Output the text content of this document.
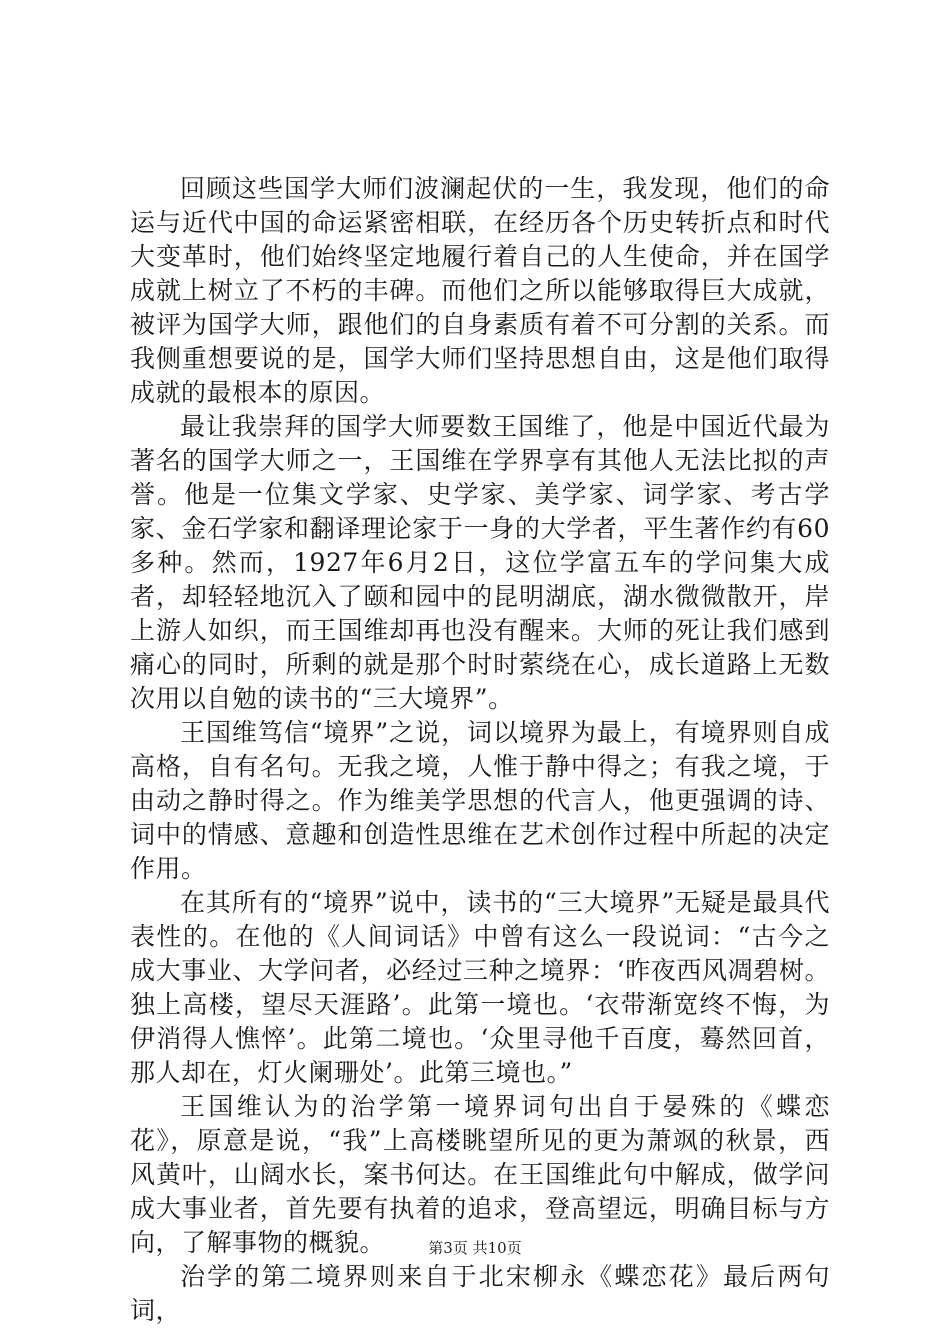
回顾这些国学大师们波澜起伏的一生，我发现，他们的命运与近代中国的命运紧密相联，在经历各个历史转折点和时代大变革时，他们始终坚定地履行着自己的人生使命，并在国学成就上树立了不朽的丰碑。而他们之所以能够取得巨大成就，被评为国学大师，跟他们的自身素质有着不可分割的关系。而我侧重想要说的是，国学大师们坚持思想自由，这是他们取得成就的最根本的原因。

最让我崇拜的国学大师要数王国维了，他是中国近代最为著名的国学大师之一，王国维在学界享有其他人无法比拟的声誉。他是一位集文学家、史学家、美学家、词学家、考古学家、金石学家和翻译理论家于一身的大学者，平生著作约有60多种。然而，1927年6月2日，这位学富五车的学问集大成者，却轻轻地沉入了颐和园中的昆明湖底，湖水微微散开，岸上游人如织，而王国维却再也没有醒来。大师的死让我们感到痛心的同时，所剩的就是那个时时萦绕在心，成长道路上无数次用以自勉的读书的“三大境界”。

王国维笃信“境界”之说，词以境界为最上，有境界则自成高格，自有名句。无我之境，人惟于静中得之；有我之境，于由动之静时得之。作为维美学思想的代言人，他更强调的诗、词中的情感、意趣和创造性思维在艺术创作过程中所起的决定作用。

在其所有的“境界”说中，读书的“三大境界”无疑是最具代表性的。在他的《人间词话》中曾有这么一段说词：“古今之成大事业、大学问者，必经过三种之境界：‘昨夜西风凋碧树。独上高楼，望尽天涯路’。此第一境也。‘衣带渐宽终不悔，为伊消得人憔悴’。此第二境也。‘众里寻他千百度，蓦然回首，那人却在，灯火阑珊处’。此第三境也。”

王国维认为的治学第一境界词句出自于晏殊的《蝶恋花》，原意是说，“我”上高楼眺望所见的更为萧飒的秋景，西风黄叶，山阔水长，案书何达。在王国维此句中解成，做学问成大事业者，首先要有执着的追求，登高望远，明确目标与方向，了解事物的概貌。

治学的第二境界则来自于北宋柳永《蝶恋花》最后两句词，

第3页 共10页
